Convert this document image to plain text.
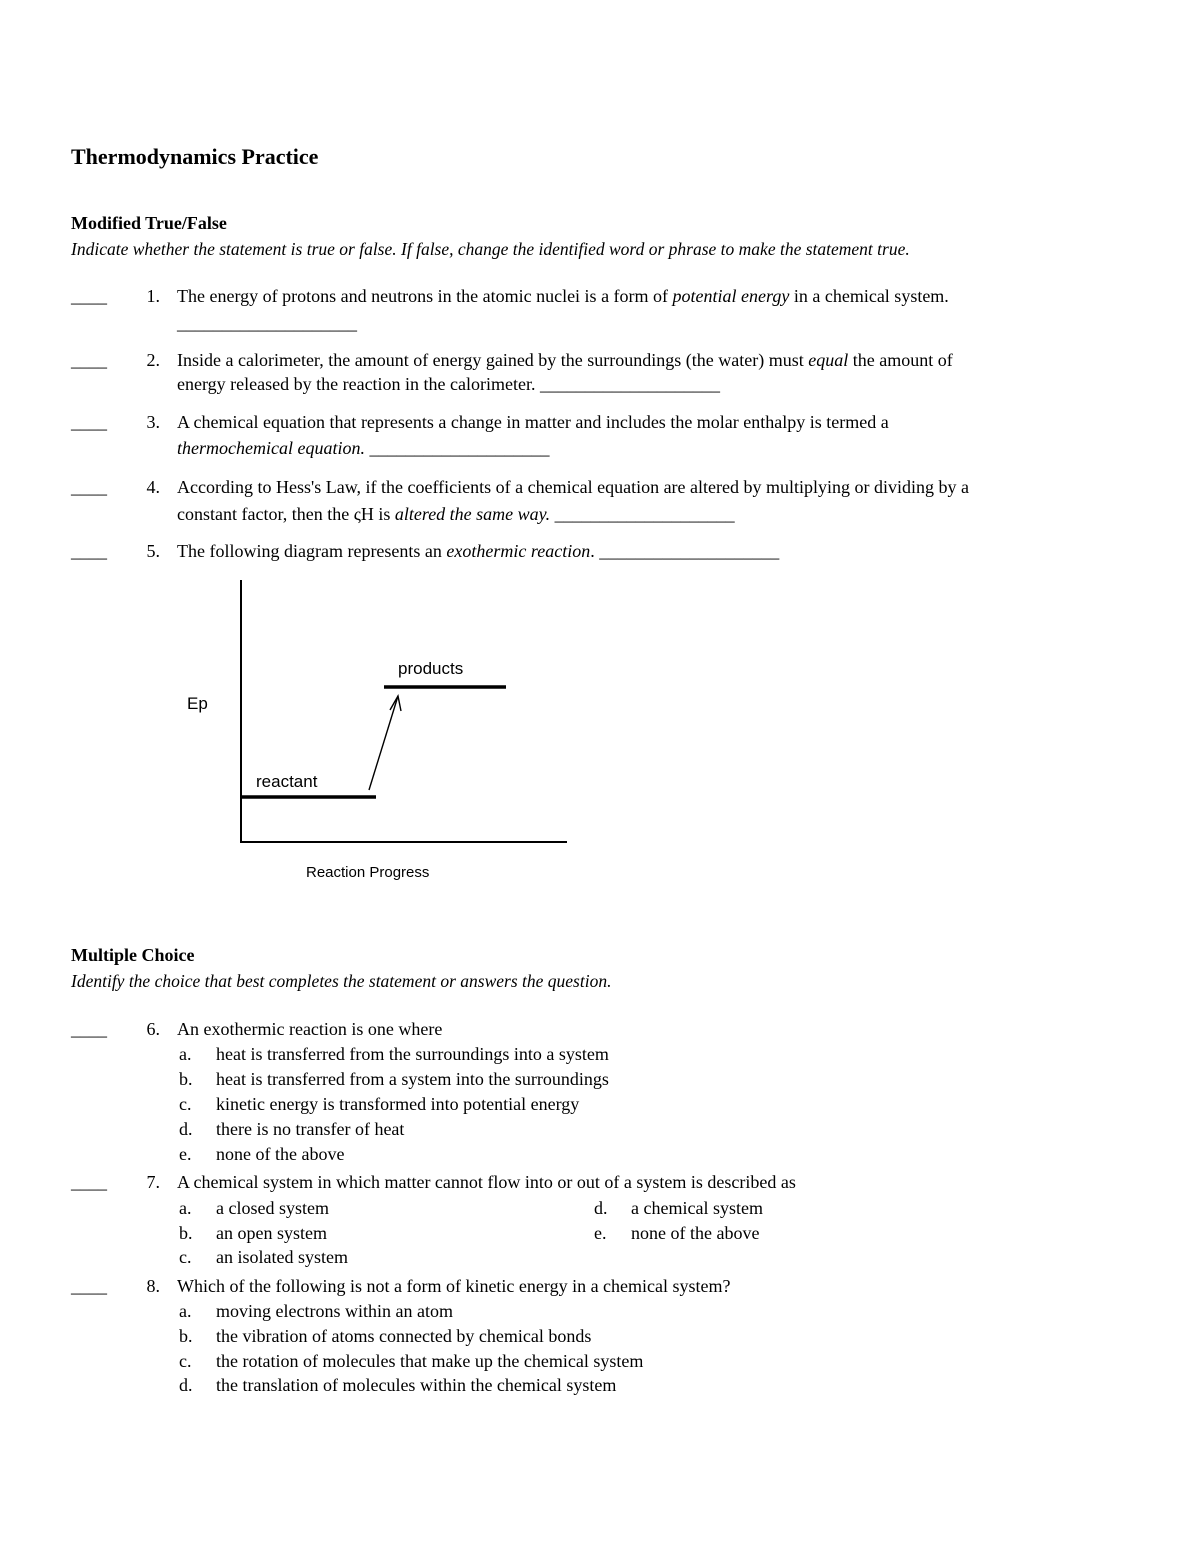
Thermodynamics Practice
Modified True/False
Indicate whether the statement is true or false. If false, change the identified word or phrase to make the statement true.
____	1. The energy of protons and neutrons in the atomic nuclei is a form of potential energy in a chemical system.
____________________
____	2. Inside a calorimeter, the amount of energy gained by the surroundings (the water) must equal the amount of
energy released by the reaction in the calorimeter. ____________________
____	3. A chemical equation that represents a change in matter and includes the molar enthalpy is termed a
thermochemical equation. ____________________
____	4. According to Hess's Law, if the coefficients of a chemical equation are altered by multiplying or dividing by a
constant factor, then the ςH is altered the same way. ____________________
____	5. The following diagram represents an exothermic reaction. ____________________
Ep
products
reactant
Reaction Progress
Multiple Choice
Identify the choice that best completes the statement or answers the question.
____	6. An exothermic reaction is one where
a. heat is transferred from the surroundings into a system
b. heat is transferred from a system into the surroundings
c. kinetic energy is transformed into potential energy
d. there is no transfer of heat
e. none of the above
____	7. A chemical system in which matter cannot flow into or out of a system is described as
a. a closed system
b. an open system
c. an isolated system
d. a chemical system
e. none of the above
____	8. Which of the following is not a form of kinetic energy in a chemical system?
a. moving electrons within an atom
b. the vibration of atoms connected by chemical bonds
c. the rotation of molecules that make up the chemical system
d. the translation of molecules within the chemical system
